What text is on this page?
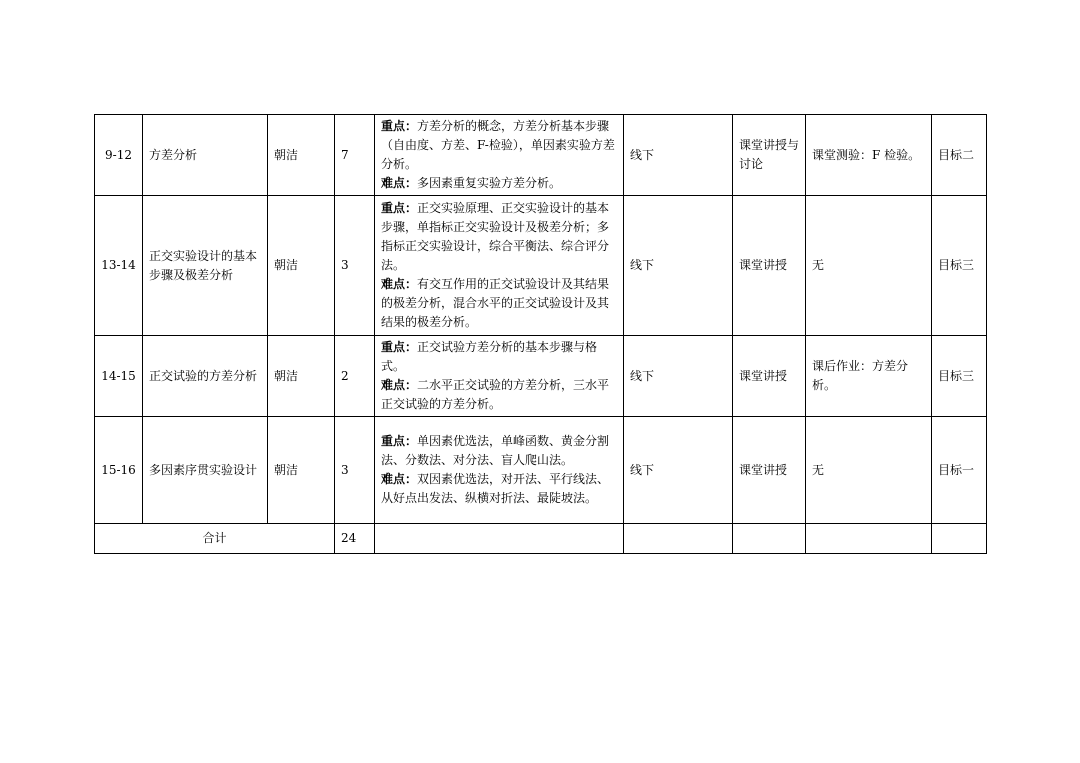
9-12	方差分析	朝洁	7	重点：方差分析的概念，方差分析基本步骤（自由度、方差、F-检验），单因素实验方差分析。
难点：多因素重复实验方差分析。	线下	课堂讲授与讨论	课堂测验：F 检验。	目标二
13-14	正交实验设计的基本步骤及极差分析	朝洁	3	重点：正交实验原理、正交实验设计的基本步骤，单指标正交实验设计及极差分析；多指标正交实验设计，综合平衡法、综合评分法。
难点：有交互作用的正交试验设计及其结果的极差分析，混合水平的正交试验设计及其结果的极差分析。	线下	课堂讲授	无	目标三
14-15	正交试验的方差分析	朝洁	2	重点：正交试验方差分析的基本步骤与格式。
难点：二水平正交试验的方差分析，三水平正交试验的方差分析。	线下	课堂讲授	课后作业：方差分析。	目标三
15-16	多因素序贯实验设计	朝洁	3	重点：单因素优选法，单峰函数、黄金分割法、分数法、对分法、盲人爬山法。
难点：双因素优选法，对开法、平行线法、从好点出发法、纵横对折法、最陡坡法。	线下	课堂讲授	无	目标一
合计			24					
